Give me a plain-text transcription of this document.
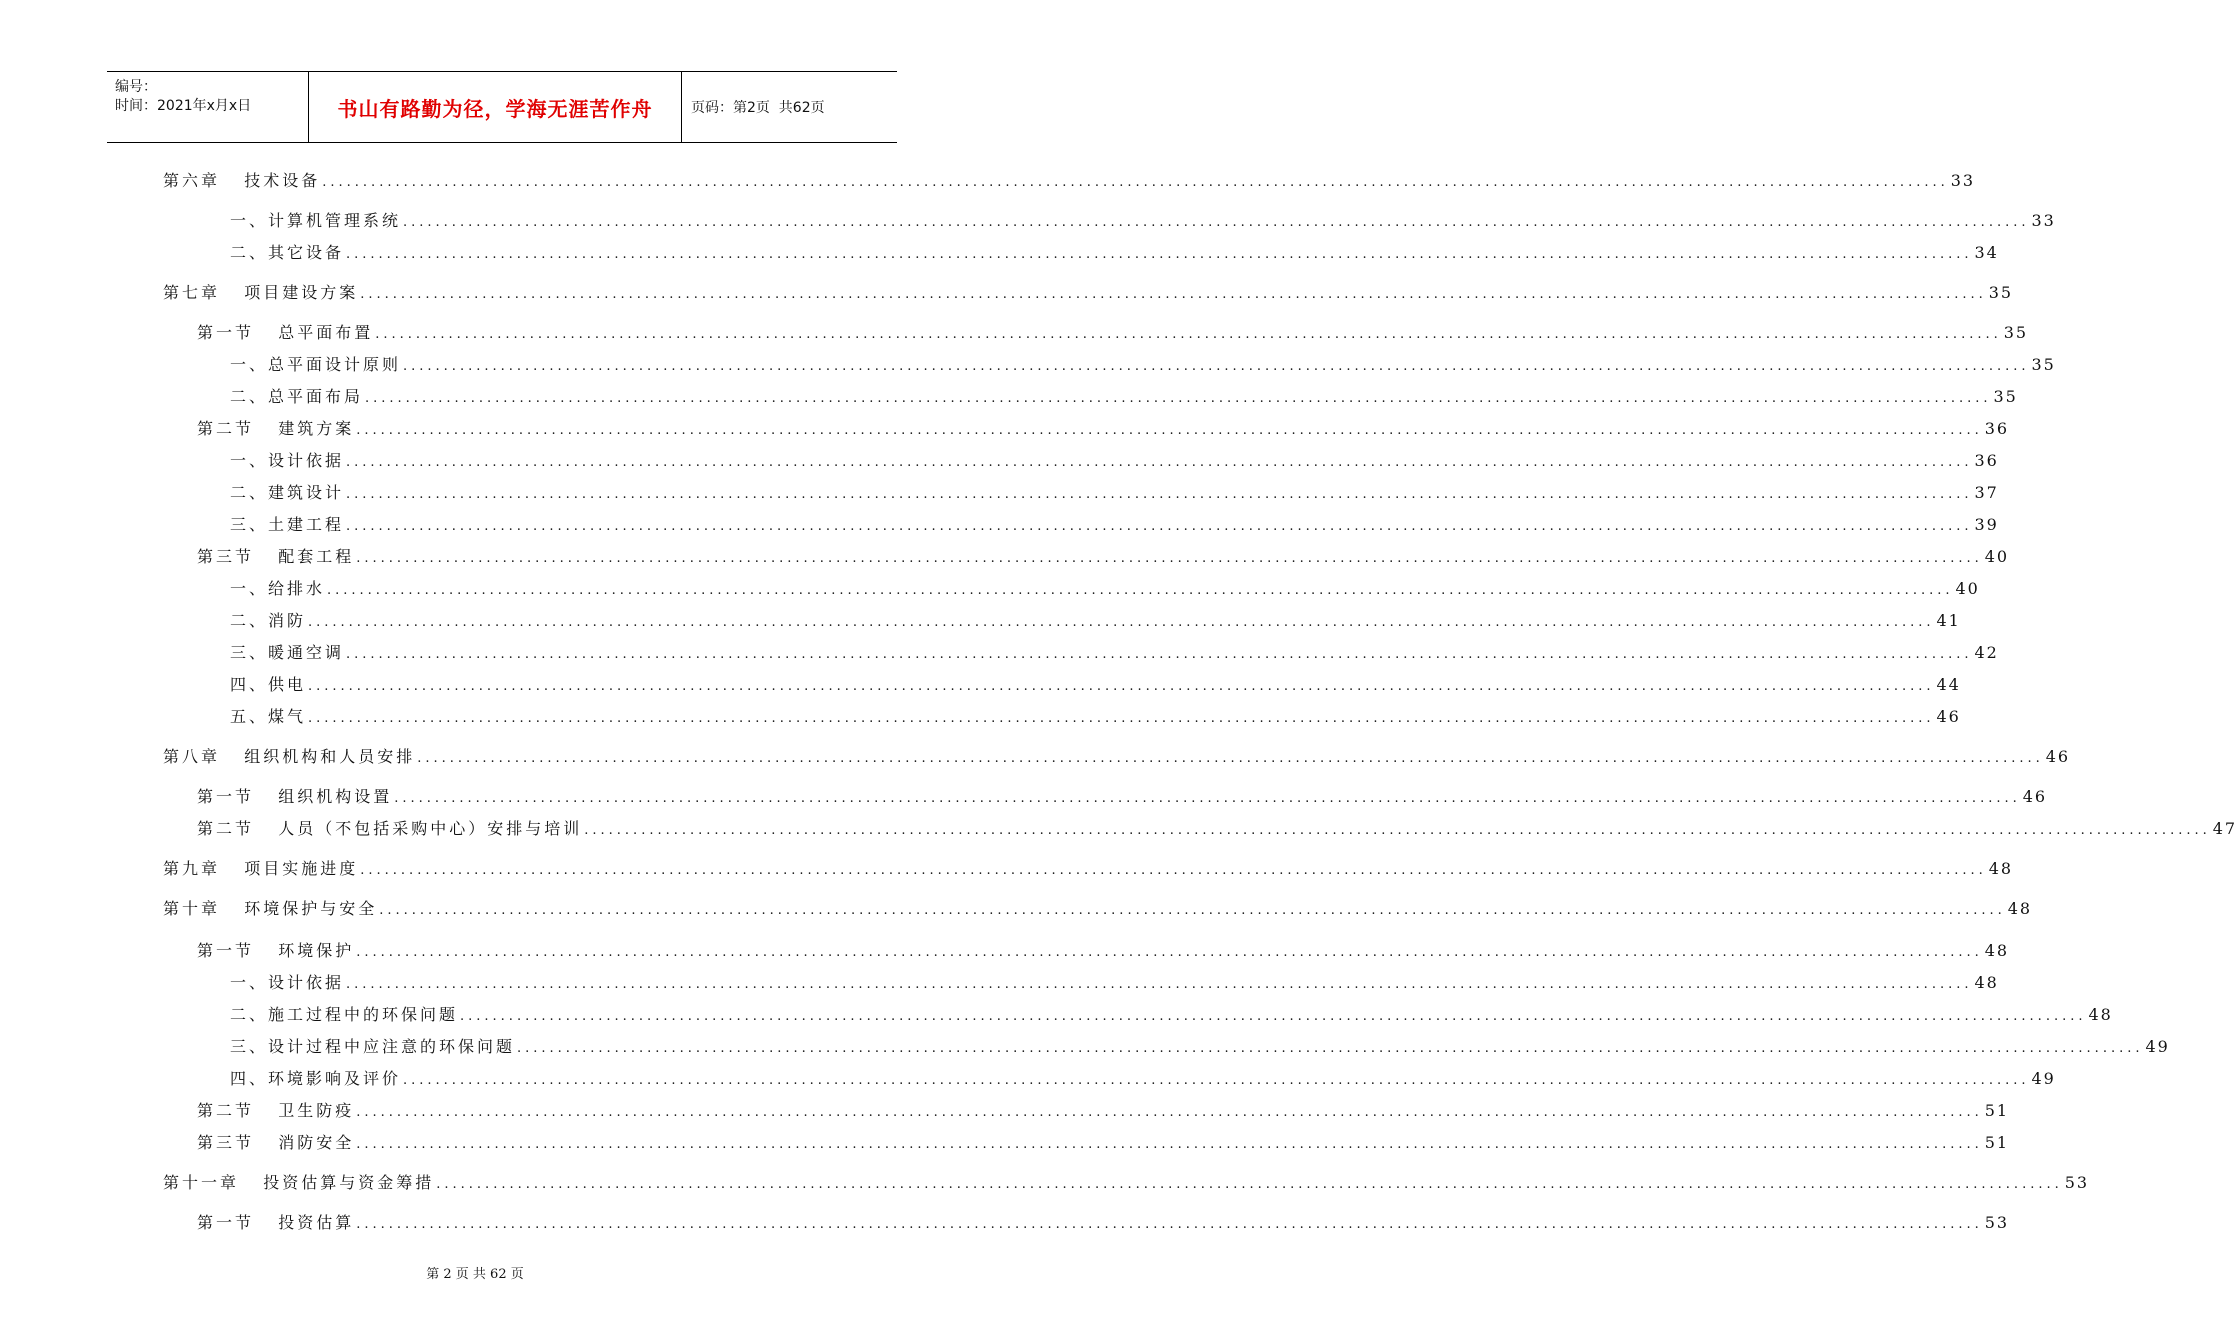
编号：
时间：2021年x月x日	书山有路勤为径，学海无涯苦作舟	页码：第2页  共62页
第六章   技术设备 ........................................................................................................................................................................................................ 33
一、计算机管理系统 ........................................................................................................................................................................................................ 33
二、其它设备 ........................................................................................................................................................................................................ 34
第七章   项目建设方案 ........................................................................................................................................................................................................ 35
第一节   总平面布置 ........................................................................................................................................................................................................ 35
一、总平面设计原则 ........................................................................................................................................................................................................ 35
二、总平面布局 ........................................................................................................................................................................................................ 35
第二节   建筑方案 ........................................................................................................................................................................................................ 36
一、设计依据 ........................................................................................................................................................................................................ 36
二、建筑设计 ........................................................................................................................................................................................................ 37
三、土建工程 ........................................................................................................................................................................................................ 39
第三节   配套工程 ........................................................................................................................................................................................................ 40
一、给排水 ........................................................................................................................................................................................................ 40
二、消防 ........................................................................................................................................................................................................ 41
三、暖通空调 ........................................................................................................................................................................................................ 42
四、供电 ........................................................................................................................................................................................................ 44
五、煤气 ........................................................................................................................................................................................................ 46
第八章   组织机构和人员安排 ........................................................................................................................................................................................................ 46
第一节   组织机构设置 ........................................................................................................................................................................................................ 46
第二节   人员（不包括采购中心）安排与培训 ........................................................................................................................................................................................................ 47
第九章   项目实施进度 ........................................................................................................................................................................................................ 48
第十章   环境保护与安全 ........................................................................................................................................................................................................ 48
第一节   环境保护 ........................................................................................................................................................................................................ 48
一、设计依据 ........................................................................................................................................................................................................ 48
二、施工过程中的环保问题 ........................................................................................................................................................................................................ 48
三、设计过程中应注意的环保问题 ........................................................................................................................................................................................................ 49
四、环境影响及评价 ........................................................................................................................................................................................................ 49
第二节   卫生防疫 ........................................................................................................................................................................................................ 51
第三节   消防安全 ........................................................................................................................................................................................................ 51
第十一章   投资估算与资金筹措 ........................................................................................................................................................................................................ 53
第一节   投资估算 ........................................................................................................................................................................................................ 53
第 2 页 共 62 页
